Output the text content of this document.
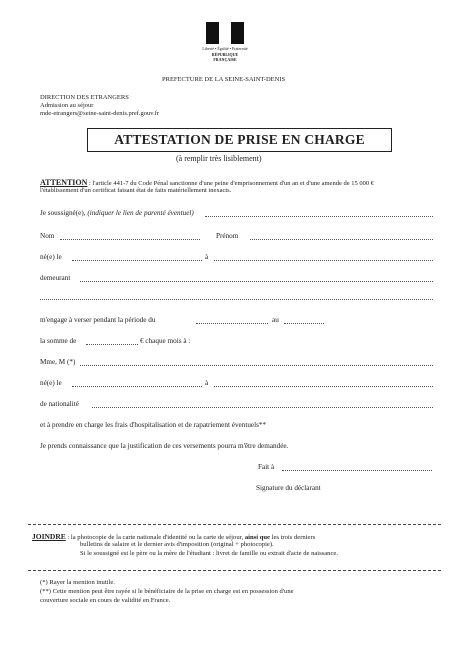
Liberté • Égalité • Fraternité
RÉPUBLIQUE FRANÇAISE
PREFECTURE DE LA SEINE-SAINT-DENIS
DIRECTION DES ETRANGERS
Admission au séjour
mde-etrangers@seine-saint-denis.pref.gouv.fr
ATTESTATION DE PRISE EN CHARGE
(à remplir très lisiblement)
ATTENTION : l'article 441-7 du Code Pénal sanctionne d'une peine d'emprisonnement d'un an et d'une amende de 15 000 €
l'établissement d'un certificat faisant état de faits matériellement inexacts.
Je soussigné(e), (indiquer le lien de parenté éventuel)
Nom	Prénom
né(e) le	à
demeurant
m'engage à verser pendant la période du	au
la somme de	€ chaque mois à :
Mme, M (*)
né(e) le	à
de nationalité
et à prendre en charge les frais d'hospitalisation et de rapatriement éventuels**
Je prends connaissance que la justification de ces versements pourra m'être demandée.
Fait à
Signature du déclarant
JOINDRE : la photocopie de la carte nationale d'identité ou la carte de séjour, ainsi que les trois derniers
bulletins de salaire et le dernier avis d'imposition (original + photocopie).
Si le soussigné est le père ou la mère de l'étudiant : livret de famille ou extrait d'acte de naissance.
(*) Rayer la mention inutile.
(**) Cette mention peut être rayée si le bénéficiaire de la prise en charge est en possession d'une
couverture sociale en cours de validité en France.
